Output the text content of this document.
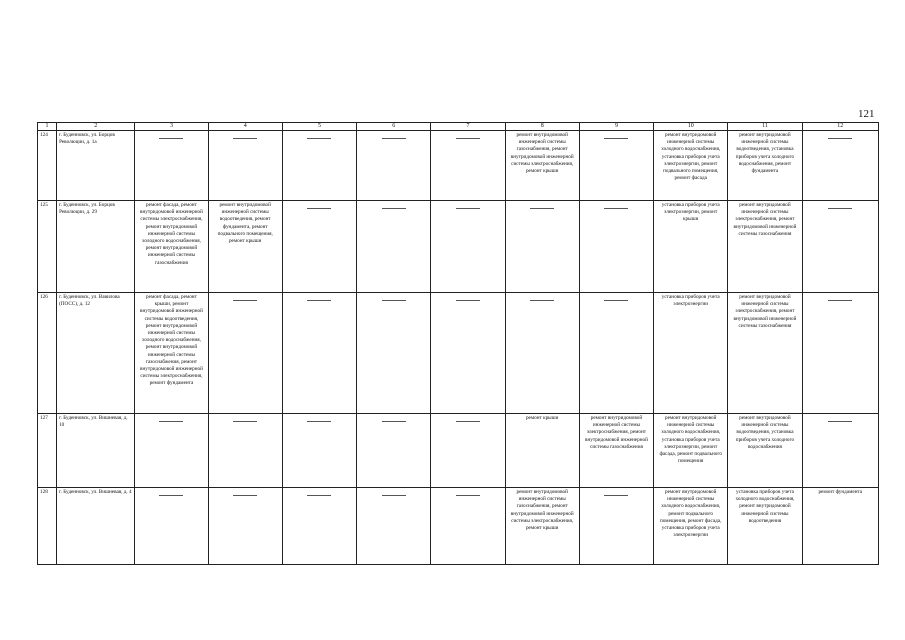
121
1	2	3	4	5	6	7	8	9	10	11	12
124	г. Буденновск, ул. Борцов Революции, д. 1а						ремонт внутридомовой инженерной системы газоснабжения, ремонт внутридомовой инженерной системы электроснабжения, ремонт крыши		ремонт внутридомовой инженерной системы холодного водоснабжения, установка приборов учета электроэнергии, ремонт подвального помещения, ремонт фасада	ремонт внутридомовой инженерной системы водоотведения, установка приборов учета холодного водоснабжения, ремонт фундамента	

125	г. Буденновск, ул. Борцов Революции, д. 29	ремонт фасада, ремонт внутридомовой инженерной системы электроснабжения, ремонт внутридомовой инженерной системы холодного водоснабжения, ремонт внутридомовой инженерной системы газоснабжения	ремонт внутридомовой инженерной системы водоотведения, ремонт фундамента, ремонт подвального помещения, ремонт крыши						установка приборов учета электроэнергии, ремонт крыши	ремонт внутридомовой инженерной системы электроснабжения, ремонт внутридомовой инженерной системы газоснабжения	

126	г. Буденновск, ул. Вавилова (ПОСС), д. 12	ремонт фасада, ремонт крыши, ремонт внутридомовой инженерной системы водоотведения, ремонт внутридомовой инженерной системы холодного водоснабжения, ремонт внутридомовой инженерной системы газоснабжения, ремонт внутридомовой инженерной системы электроснабжения, ремонт фундамента							установка приборов учета электроэнергии	ремонт внутридомовой инженерной системы электроснабжения, ремонт внутридомовой инженерной системы газоснабжения	

127	г. Буденновск, ул. Вишневая, д. 10						ремонт крыши	ремонт внутридомовой инженерной системы электроснабжения, ремонт внутридомовой инженерной системы газоснабжения	ремонт внутридомовой инженерной системы холодного водоснабжения, установка приборов учета электроэнергии, ремонт фасада, ремонт подвального помещения	ремонт внутридомовой инженерной системы водоотведения, установка приборов учета холодного водоснабжения	

128	г. Буденновск, ул. Вишневая, д. 4						ремонт внутридомовой инженерной системы газоснабжения, ремонт внутридомовой инженерной системы электроснабжения, ремонт крыши		ремонт внутридомовой инженерной системы холодного водоснабжения, ремонт подвального помещения, ремонт фасада, установка приборов учета электроэнергии	установка приборов учета холодного водоснабжения, ремонт внутридомовой инженерной системы водоотведения	ремонт фундамента
